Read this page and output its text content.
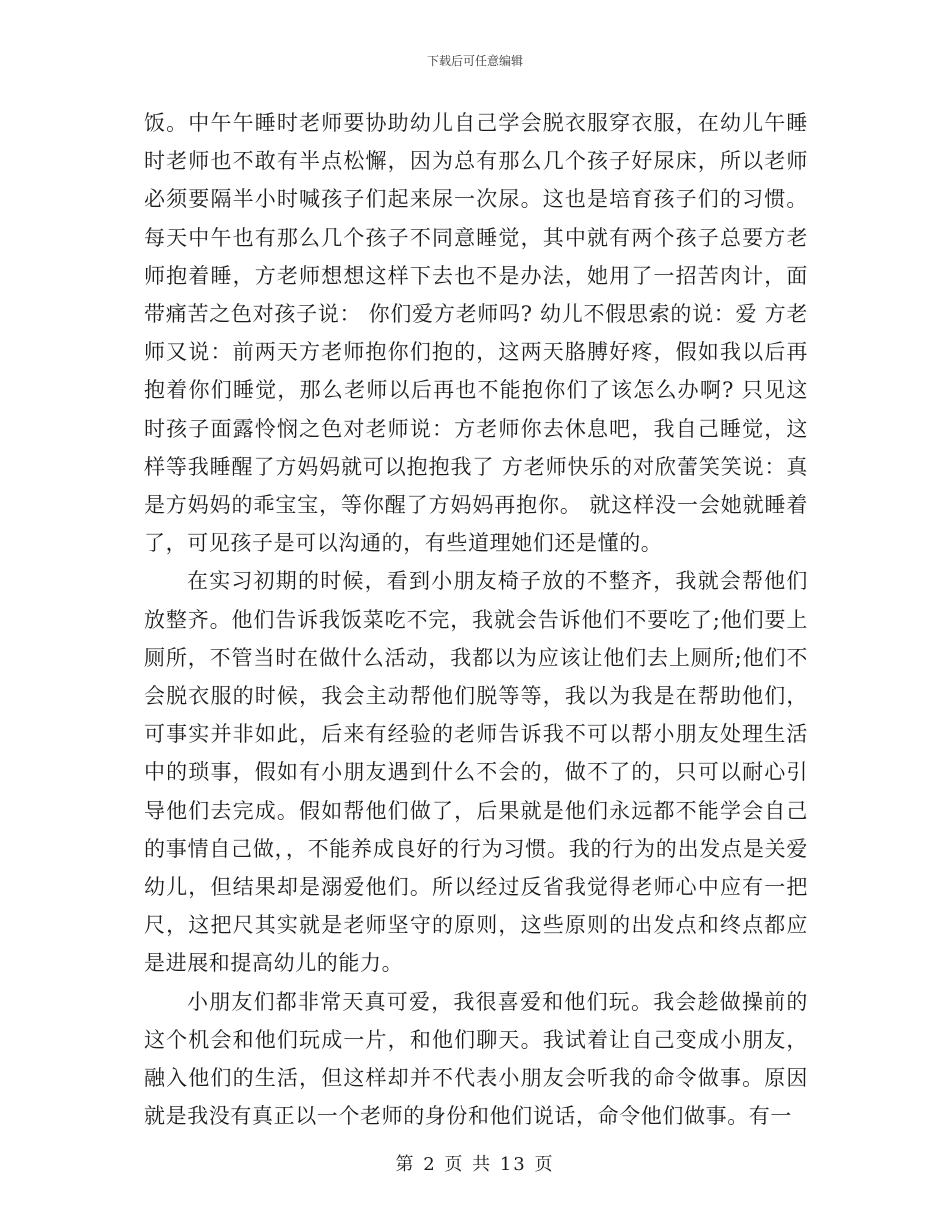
下载后可任意编辑

饭。中午午睡时老师要协助幼儿自己学会脱衣服穿衣服，在幼儿午睡时老师也不敢有半点松懈，因为总有那么几个孩子好尿床，所以老师必须要隔半小时喊孩子们起来尿一次尿。这也是培育孩子们的习惯。每天中午也有那么几个孩子不同意睡觉，其中就有两个孩子总要方老师抱着睡，方老师想想这样下去也不是办法，她用了一招苦肉计，面带痛苦之色对孩子说： 你们爱方老师吗? 幼儿不假思索的说：爱 方老师又说：前两天方老师抱你们抱的，这两天胳膊好疼，假如我以后再抱着你们睡觉，那么老师以后再也不能抱你们了该怎么办啊? 只见这时孩子面露怜悯之色对老师说：方老师你去休息吧，我自己睡觉，这样等我睡醒了方妈妈就可以抱抱我了 方老师快乐的对欣蕾笑笑说：真是方妈妈的乖宝宝，等你醒了方妈妈再抱你。 就这样没一会她就睡着了，可见孩子是可以沟通的，有些道理她们还是懂的。

在实习初期的时候，看到小朋友椅子放的不整齐，我就会帮他们放整齐。他们告诉我饭菜吃不完，我就会告诉他们不要吃了;他们要上厕所，不管当时在做什么活动，我都以为应该让他们去上厕所;他们不会脱衣服的时候，我会主动帮他们脱等等，我以为我是在帮助他们，可事实并非如此，后来有经验的老师告诉我不可以帮小朋友处理生活中的琐事，假如有小朋友遇到什么不会的，做不了的，只可以耐心引导他们去完成。假如帮他们做了，后果就是他们永远都不能学会自己的事情自己做，，不能养成良好的行为习惯。我的行为的出发点是关爱幼儿，但结果却是溺爱他们。所以经过反省我觉得老师心中应有一把尺，这把尺其实就是老师坚守的原则，这些原则的出发点和终点都应是进展和提高幼儿的能力。

小朋友们都非常天真可爱，我很喜爱和他们玩。我会趁做操前的这个机会和他们玩成一片，和他们聊天。我试着让自己变成小朋友，融入他们的生活，但这样却并不代表小朋友会听我的命令做事。原因就是我没有真正以一个老师的身份和他们说话，命令他们做事。有一

第 2 页 共 13 页
